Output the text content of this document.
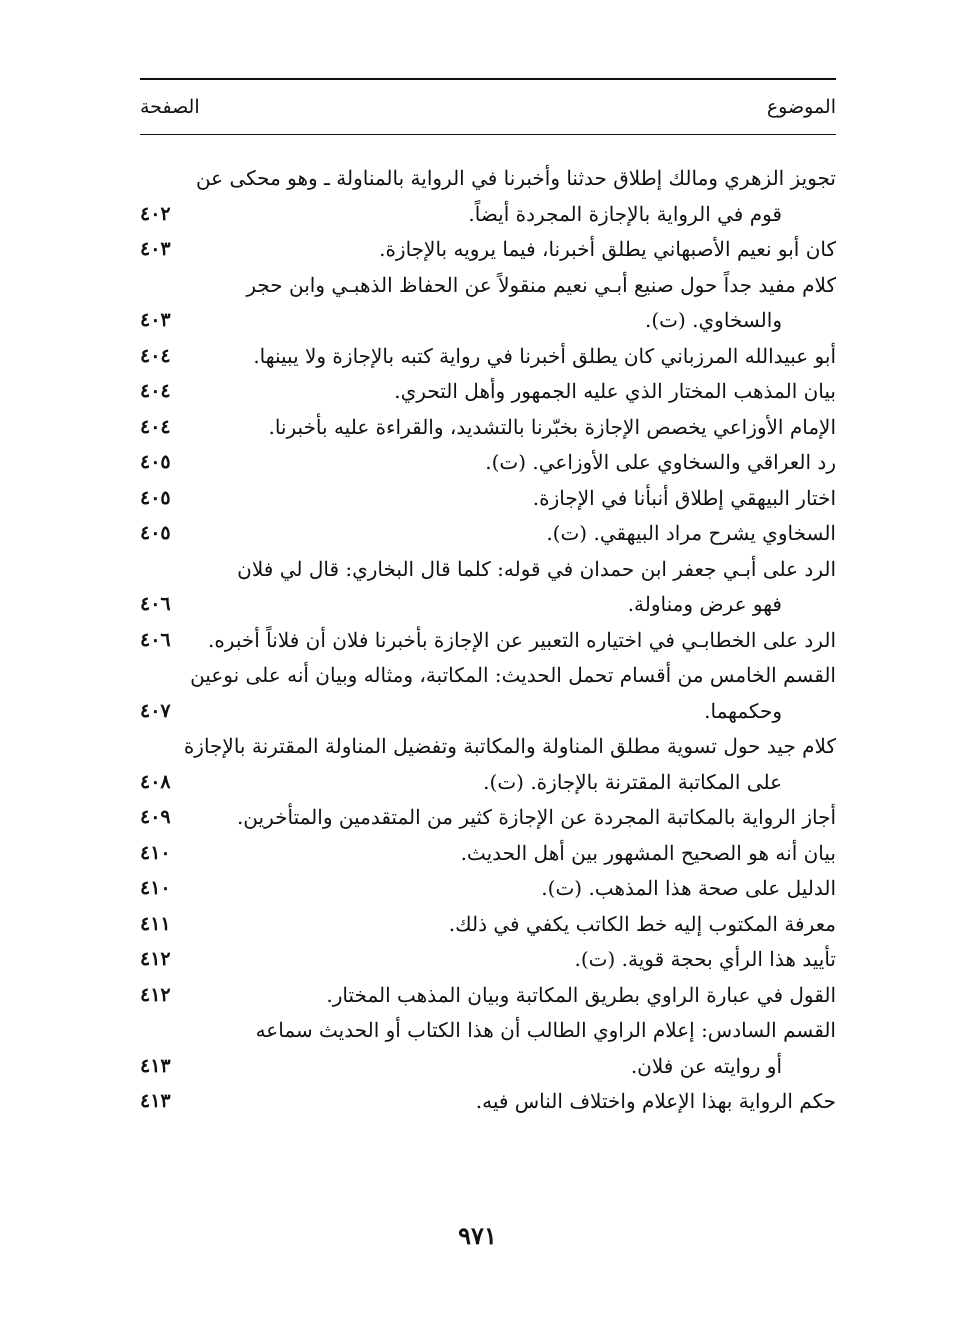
الموضوع
الصفحة
تجويز الزهري ومالك إطلاق حدثنا وأخبرنا في الرواية بالمناولة ـ وهو محكى عن
قوم في الرواية بالإجازة المجردة أيضاً.
٤٠٢
كان أبو نعيم الأصبهاني يطلق أخبرنا، فيما يرويه بالإجازة.
٤٠٣
كلام مفيد جداً حول صنيع أبـي نعيم منقولاً عن الحفاظ الذهبـي وابن حجر
والسخاوي. (ت).
٤٠٣
أبو عبيدالله المرزباني كان يطلق أخبرنا في رواية كتبه بالإجازة ولا يبينها.
٤٠٤
بيان المذهب المختار الذي عليه الجمهور وأهل التحري.
٤٠٤
الإمام الأوزاعي يخصص الإجازة بخبّرنا بالتشديد، والقراءة عليه بأخبرنا.
٤٠٤
رد العراقي والسخاوي على الأوزاعي. (ت).
٤٠٥
اختار البيهقي إطلاق أنبأنا في الإجازة.
٤٠٥
السخاوي يشرح مراد البيهقي. (ت).
٤٠٥
الرد على أبـي جعفر ابن حمدان في قوله: كلما قال البخاري: قال لي فلان
فهو عرض ومناولة.
٤٠٦
الرد على الخطابـي في اختياره التعبير عن الإجازة بأخبرنا فلان أن فلاناً أخبره.
٤٠٦
القسم الخامس من أقسام تحمل الحديث: المكاتبة، ومثاله وبيان أنه على نوعين
وحكمهما.
٤٠٧
كلام جيد حول تسوية مطلق المناولة والمكاتبة وتفضيل المناولة المقترنة بالإجازة
على المكاتبة المقترنة بالإجازة. (ت).
٤٠٨
أجاز الرواية بالمكاتبة المجردة عن الإجازة كثير من المتقدمين والمتأخرين.
٤٠٩
بيان أنه هو الصحيح المشهور بين أهل الحديث.
٤١٠
الدليل على صحة هذا المذهب. (ت).
٤١٠
معرفة المكتوب إليه خط الكاتب يكفي في ذلك.
٤١١
تأييد هذا الرأي بحجة قوية. (ت).
٤١٢
القول في عبارة الراوي بطريق المكاتبة وبيان المذهب المختار.
٤١٢
القسم السادس: إعلام الراوي الطالب أن هذا الكتاب أو الحديث سماعه
أو روايته عن فلان.
٤١٣
حكم الرواية بهذا الإعلام واختلاف الناس فيه.
٤١٣
٩٧١
